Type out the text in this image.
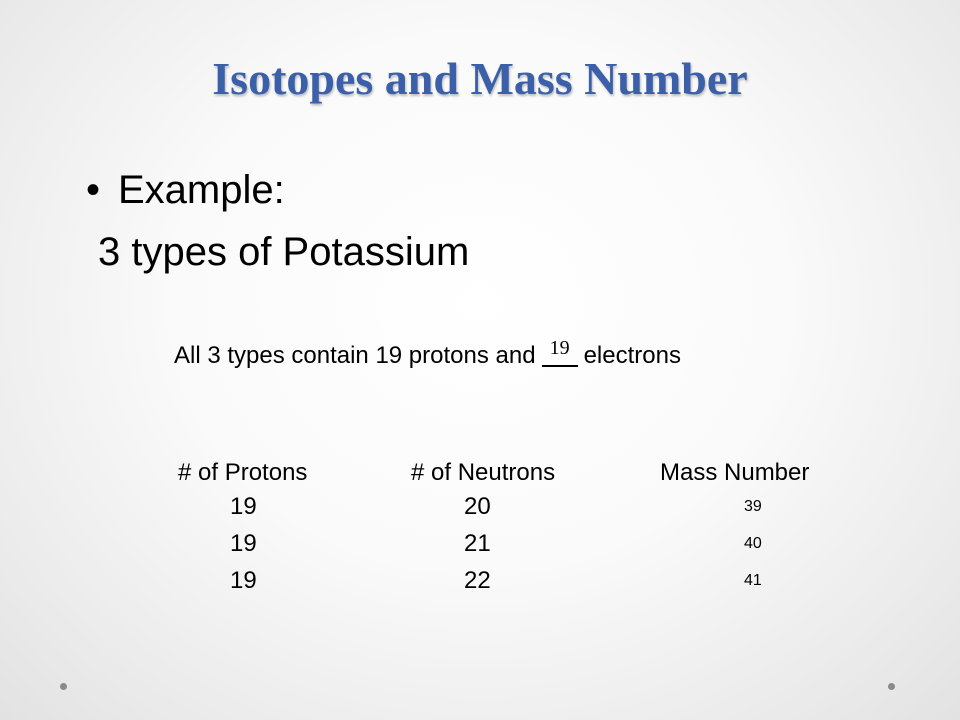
Isotopes and Mass Number
• Example:
3 types of Potassium
All 3 types contain 19 protons and 19 electrons
# of Protons
19
19
19
# of Neutrons
20
21
22
Mass Number
39
40
41
